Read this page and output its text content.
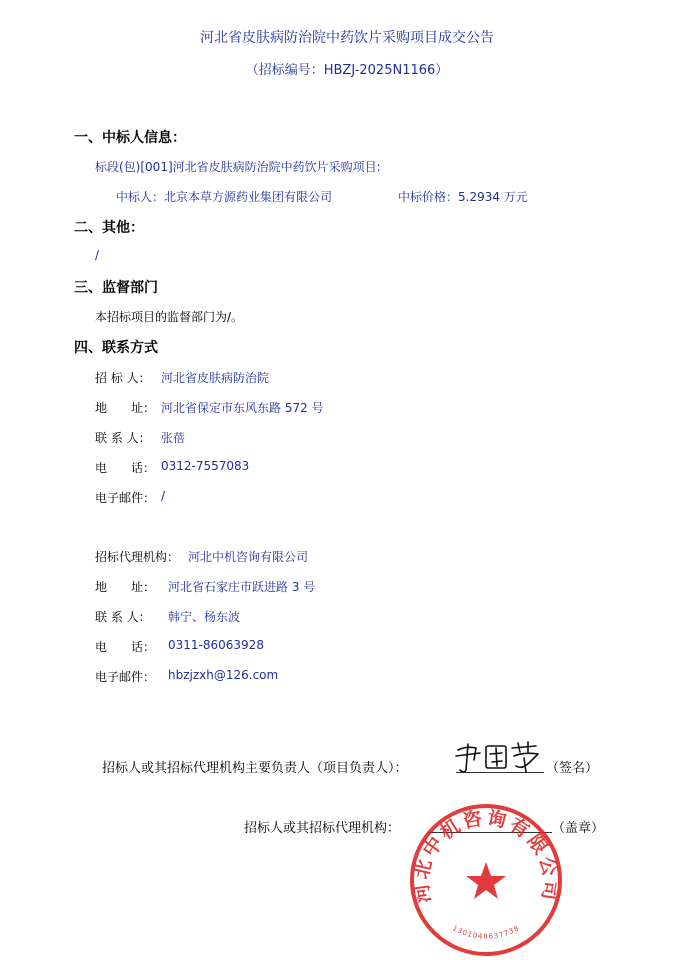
河北省皮肤病防治院中药饮片采购项目成交公告
（招标编号：HBZJ-2025N1166）
一、中标人信息：
标段(包)[001]河北省皮肤病防治院中药饮片采购项目:
中标人：北京本草方源药业集团有限公司	中标价格：5.2934 万元
二、其他：
/
三、监督部门
本招标项目的监督部门为/。
四、联系方式
招 标 人： 河北省皮肤病防治院
地　　址： 河北省保定市东风东路 572 号
联 系 人： 张蓓
电　　话： 0312-7557083
电子邮件： /
招标代理机构： 河北中机咨询有限公司
地　　址： 河北省石家庄市跃进路 3 号
联 系 人： 韩宁、杨东波
电　　话： 0311-86063928
电子邮件： hbzjzxh@126.com
招标人或其招标代理机构主要负责人（项目负责人）：	（签名）
招标人或其招标代理机构：	（盖章）
河北中机咨询有限公司
1301048637738
